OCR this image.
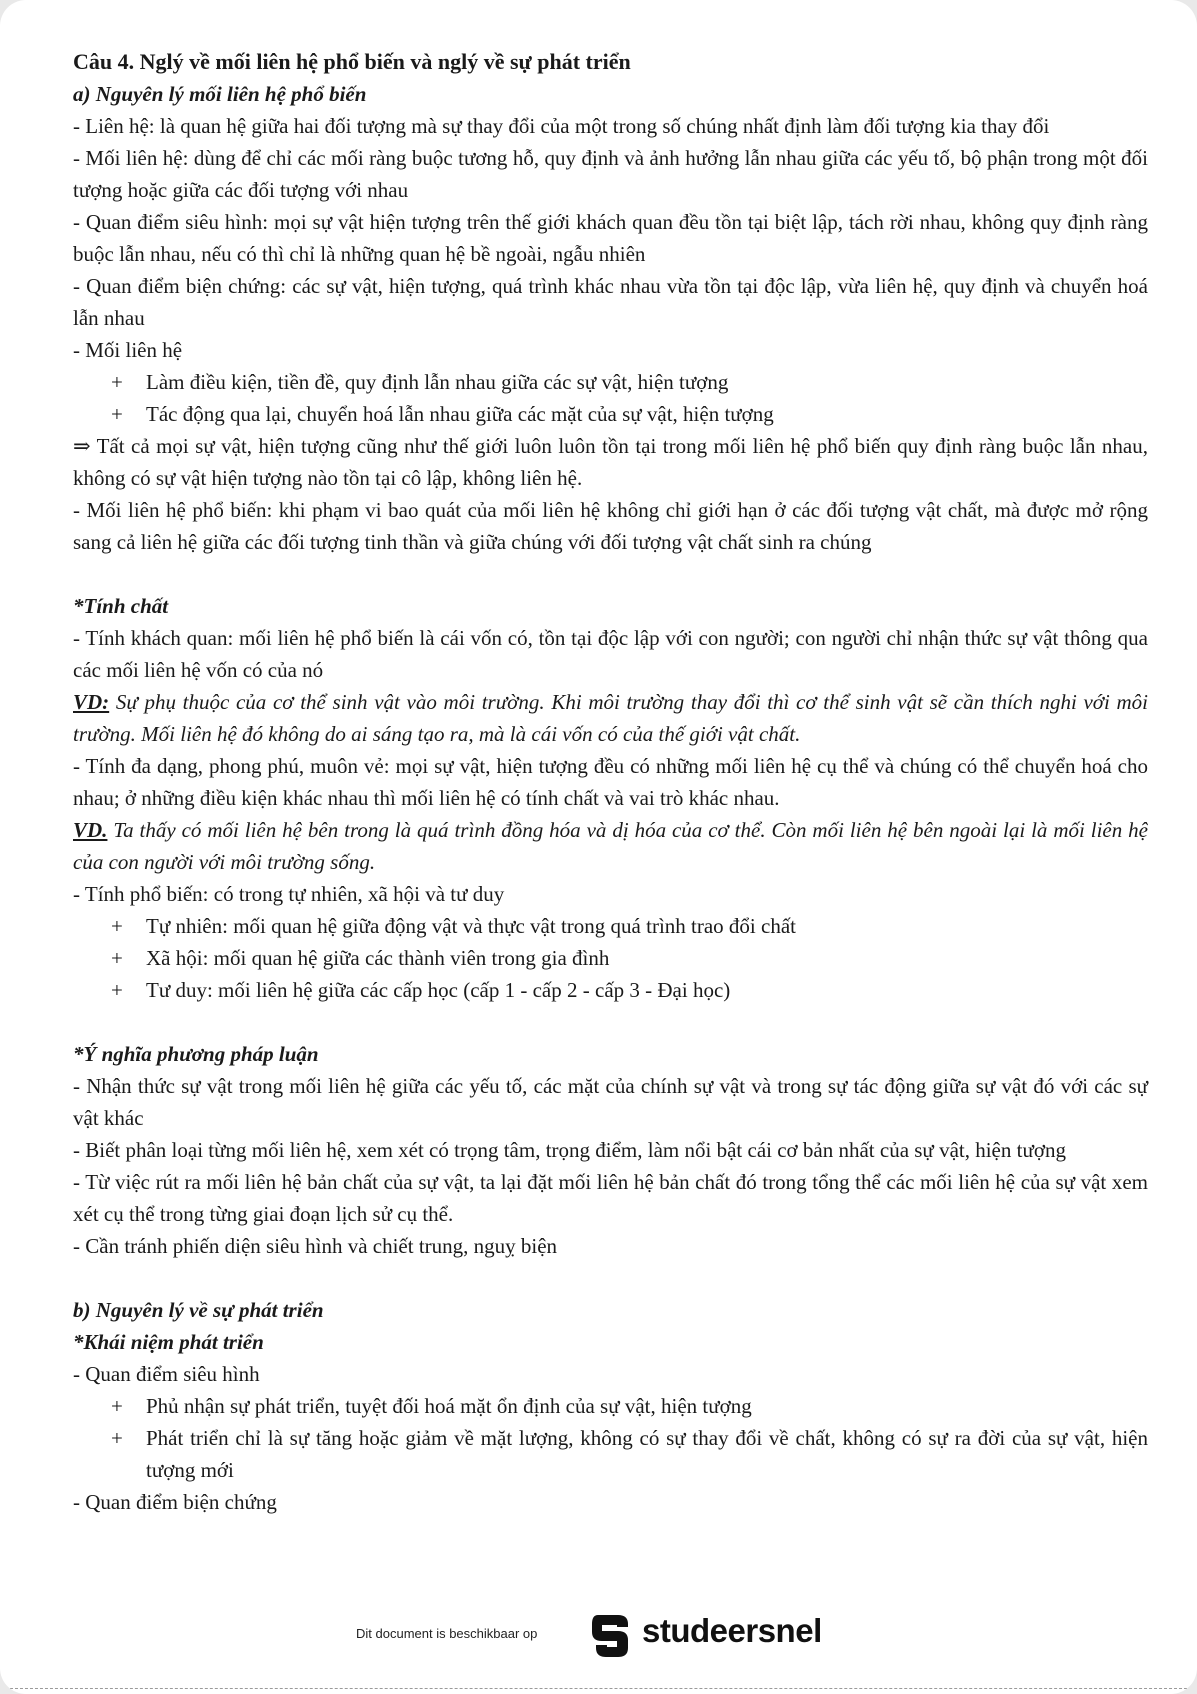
Câu 4. Nglý về mối liên hệ phổ biến và nglý về sự phát triển

a) Nguyên lý mối liên hệ phổ biến

- Liên hệ: là quan hệ giữa hai đối tượng mà sự thay đổi của một trong số chúng nhất định làm đối tượng kia thay đổi

- Mối liên hệ: dùng để chỉ các mối ràng buộc tương hỗ, quy định và ảnh hưởng lẫn nhau giữa các yếu tố, bộ phận trong một đối tượng hoặc giữa các đối tượng với nhau

- Quan điểm siêu hình: mọi sự vật hiện tượng trên thế giới khách quan đều tồn tại biệt lập, tách rời nhau, không quy định ràng buộc lẫn nhau, nếu có thì chỉ là những quan hệ bề ngoài, ngẫu nhiên

- Quan điểm biện chứng: các sự vật, hiện tượng, quá trình khác nhau vừa tồn tại độc lập, vừa liên hệ, quy định và chuyển hoá lẫn nhau

- Mối liên hệ

+ Làm điều kiện, tiền đề, quy định lẫn nhau giữa các sự vật, hiện tượng

+ Tác động qua lại, chuyển hoá lẫn nhau giữa các mặt của sự vật, hiện tượng

⇒ Tất cả mọi sự vật, hiện tượng cũng như thế giới luôn luôn tồn tại trong mối liên hệ phổ biến quy định ràng buộc lẫn nhau, không có sự vật hiện tượng nào tồn tại cô lập, không liên hệ.

- Mối liên hệ phổ biến: khi phạm vi bao quát của mối liên hệ không chỉ giới hạn ở các đối tượng vật chất, mà được mở rộng sang cả liên hệ giữa các đối tượng tinh thần và giữa chúng với đối tượng vật chất sinh ra chúng

*Tính chất

- Tính khách quan: mối liên hệ phổ biến là cái vốn có, tồn tại độc lập với con người; con người chỉ nhận thức sự vật thông qua các mối liên hệ vốn có của nó

VD: Sự phụ thuộc của cơ thể sinh vật vào môi trường. Khi môi trường thay đổi thì cơ thể sinh vật sẽ cần thích nghi với môi trường. Mối liên hệ đó không do ai sáng tạo ra, mà là cái vốn có của thế giới vật chất.

- Tính đa dạng, phong phú, muôn vẻ: mọi sự vật, hiện tượng đều có những mối liên hệ cụ thể và chúng có thể chuyển hoá cho nhau; ở những điều kiện khác nhau thì mối liên hệ có tính chất và vai trò khác nhau.

VD. Ta thấy có mối liên hệ bên trong là quá trình đồng hóa và dị hóa của cơ thể. Còn mối liên hệ bên ngoài lại là mối liên hệ của con người với môi trường sống.

- Tính phổ biến: có trong tự nhiên, xã hội và tư duy

+ Tự nhiên: mối quan hệ giữa động vật và thực vật trong quá trình trao đổi chất

+ Xã hội: mối quan hệ giữa các thành viên trong gia đình

+ Tư duy: mối liên hệ giữa các cấp học (cấp 1 - cấp 2 - cấp 3 - Đại học)

*Ý nghĩa phương pháp luận

- Nhận thức sự vật trong mối liên hệ giữa các yếu tố, các mặt của chính sự vật và trong sự tác động giữa sự vật đó với các sự vật khác

- Biết phân loại từng mối liên hệ, xem xét có trọng tâm, trọng điểm, làm nổi bật cái cơ bản nhất của sự vật, hiện tượng

- Từ việc rút ra mối liên hệ bản chất của sự vật, ta lại đặt mối liên hệ bản chất đó trong tổng thể các mối liên hệ của sự vật xem xét cụ thể trong từng giai đoạn lịch sử cụ thể.

- Cần tránh phiến diện siêu hình và chiết trung, nguỵ biện

b) Nguyên lý về sự phát triển

*Khái niệm phát triển

- Quan điểm siêu hình

+ Phủ nhận sự phát triển, tuyệt đối hoá mặt ổn định của sự vật, hiện tượng

+ Phát triển chỉ là sự tăng hoặc giảm về mặt lượng, không có sự thay đổi về chất, không có sự ra đời của sự vật, hiện tượng mới

- Quan điểm biện chứng

Dit document is beschikbaar op	studeersnel
